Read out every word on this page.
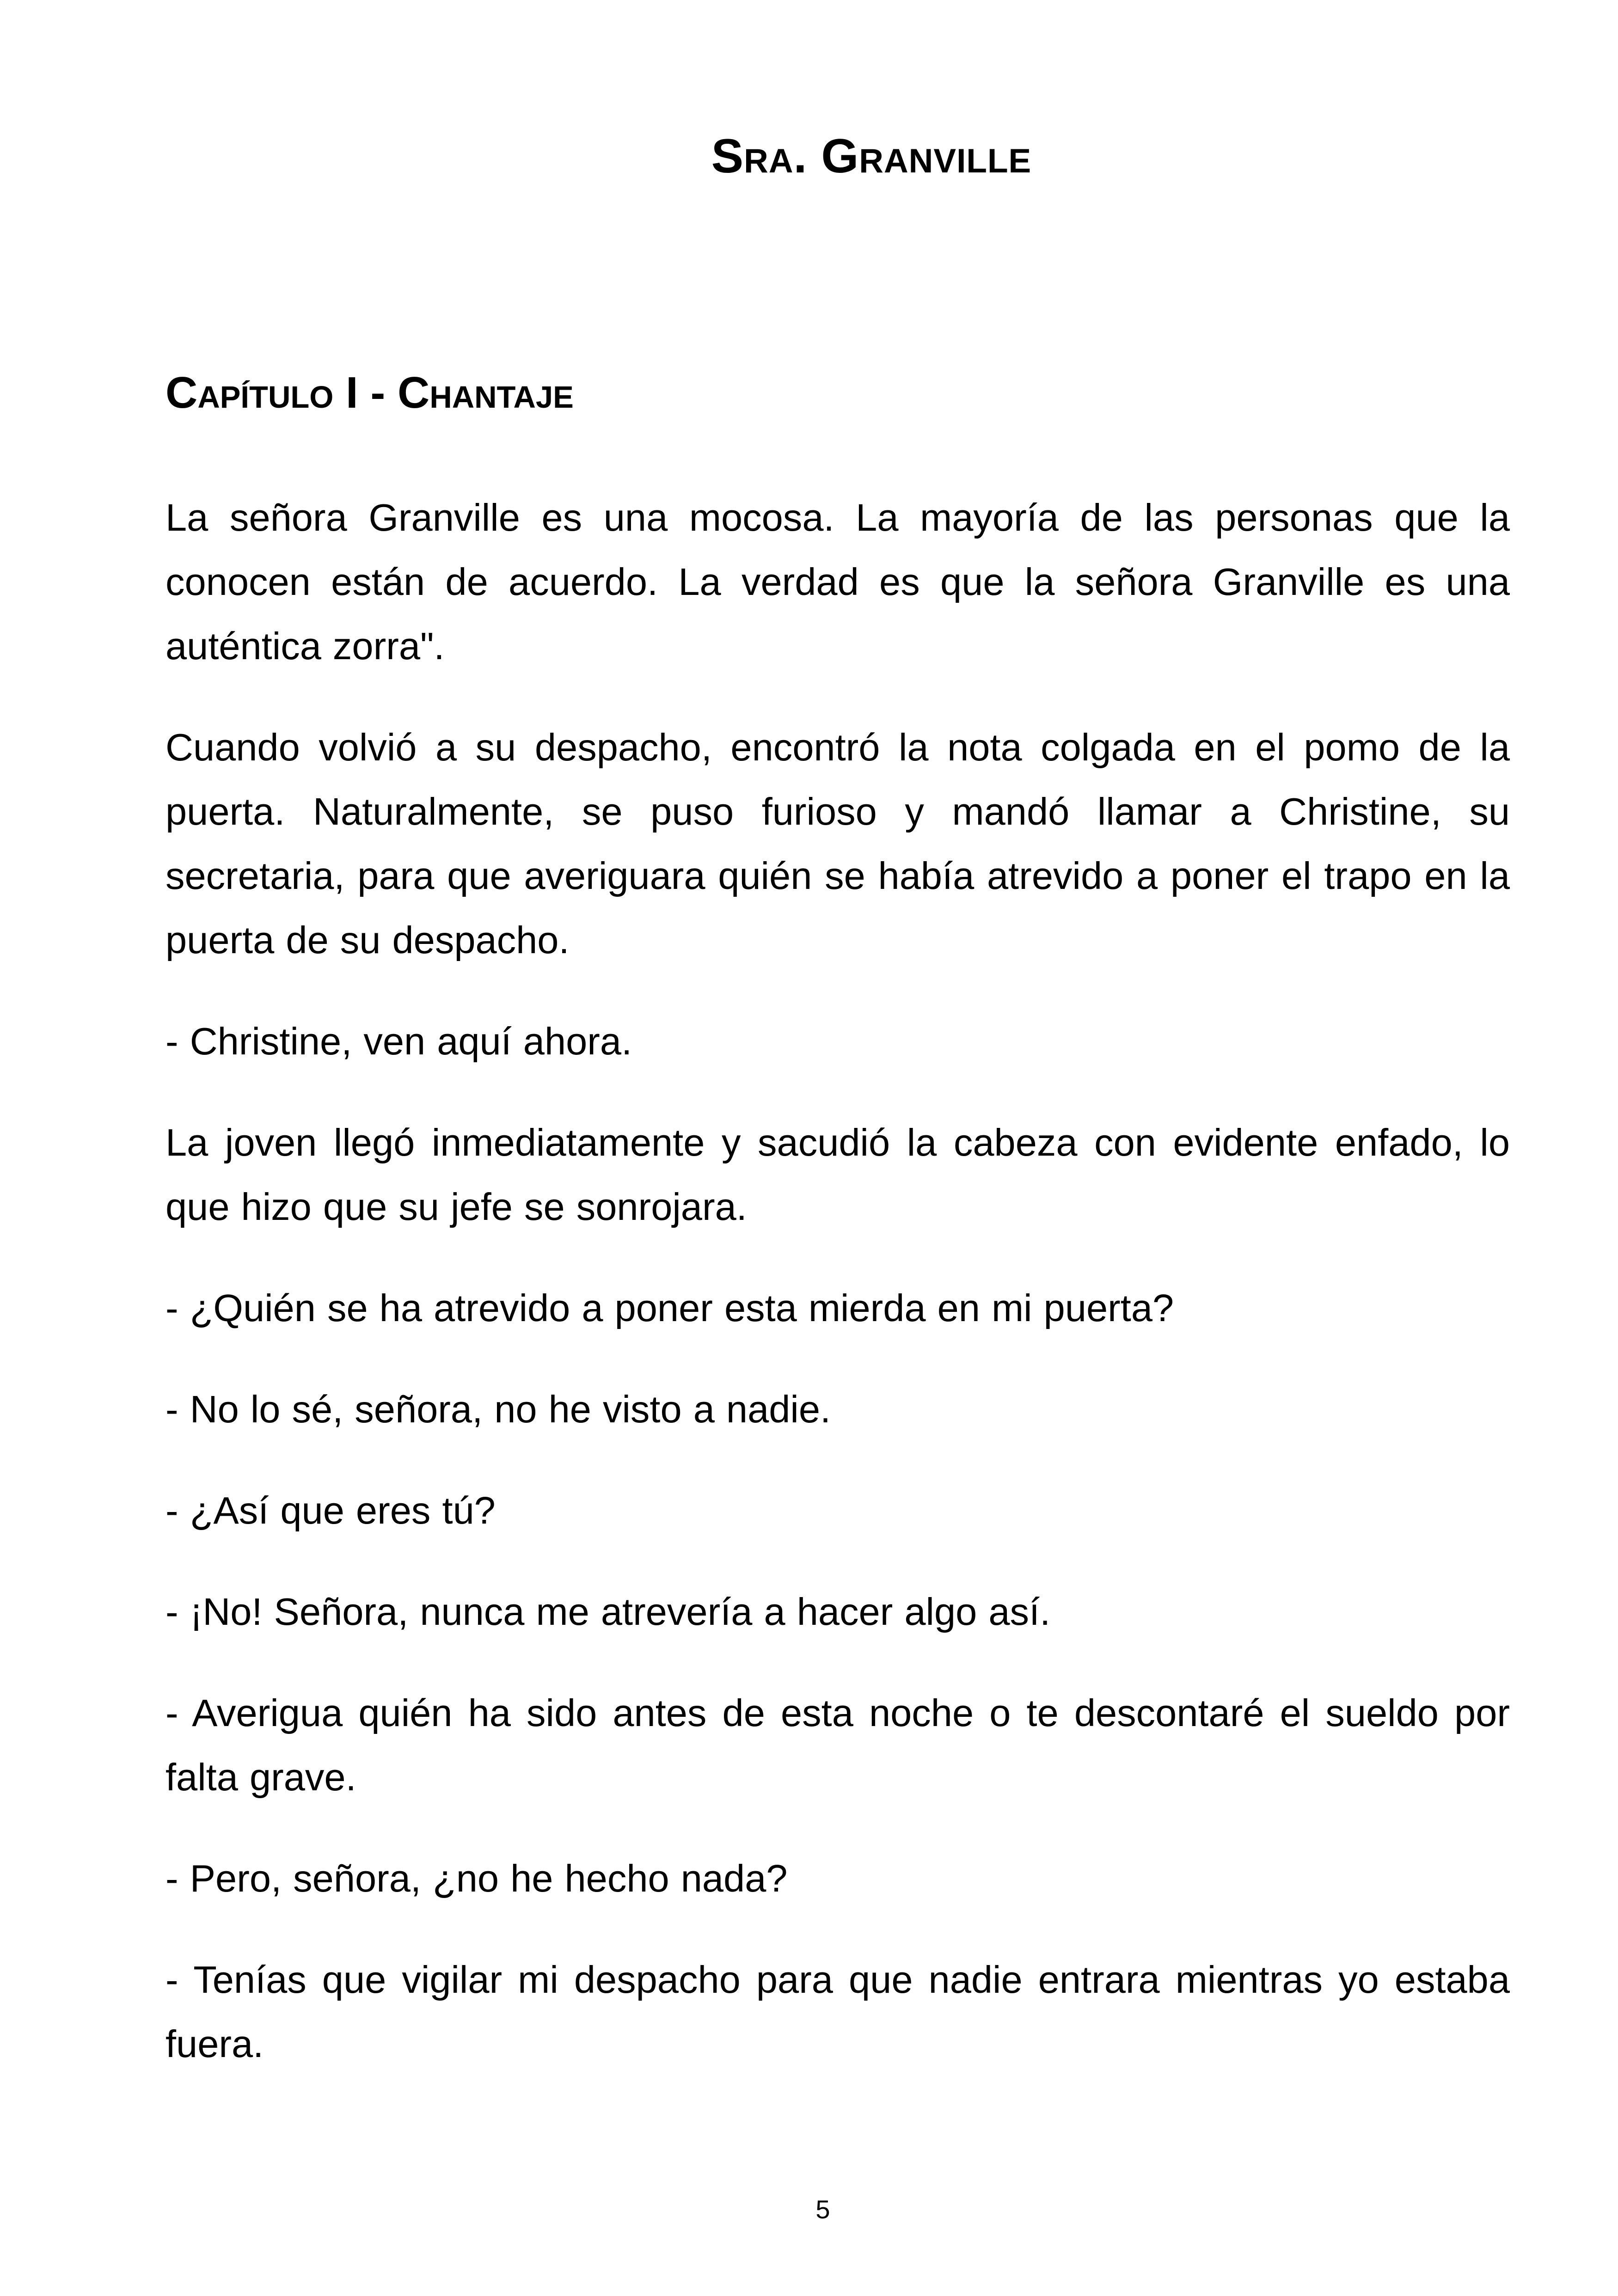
Sra. Granville
Capítulo I - Chantaje

La señora Granville es una mocosa. La mayoría de las personas que la conocen están de acuerdo. La verdad es que la señora Granville es una auténtica zorra".

Cuando volvió a su despacho, encontró la nota colgada en el pomo de la puerta. Naturalmente, se puso furioso y mandó llamar a Christine, su secretaria, para que averiguara quién se había atrevido a poner el trapo en la puerta de su despacho.

- Christine, ven aquí ahora.

La joven llegó inmediatamente y sacudió la cabeza con evidente enfado, lo que hizo que su jefe se sonrojara.

- ¿Quién se ha atrevido a poner esta mierda en mi puerta?

- No lo sé, señora, no he visto a nadie.

- ¿Así que eres tú?

- ¡No! Señora, nunca me atrevería a hacer algo así.

- Averigua quién ha sido antes de esta noche o te descontaré el sueldo por falta grave.

- Pero, señora, ¿no he hecho nada?

- Tenías que vigilar mi despacho para que nadie entrara mientras yo estaba fuera.

5
